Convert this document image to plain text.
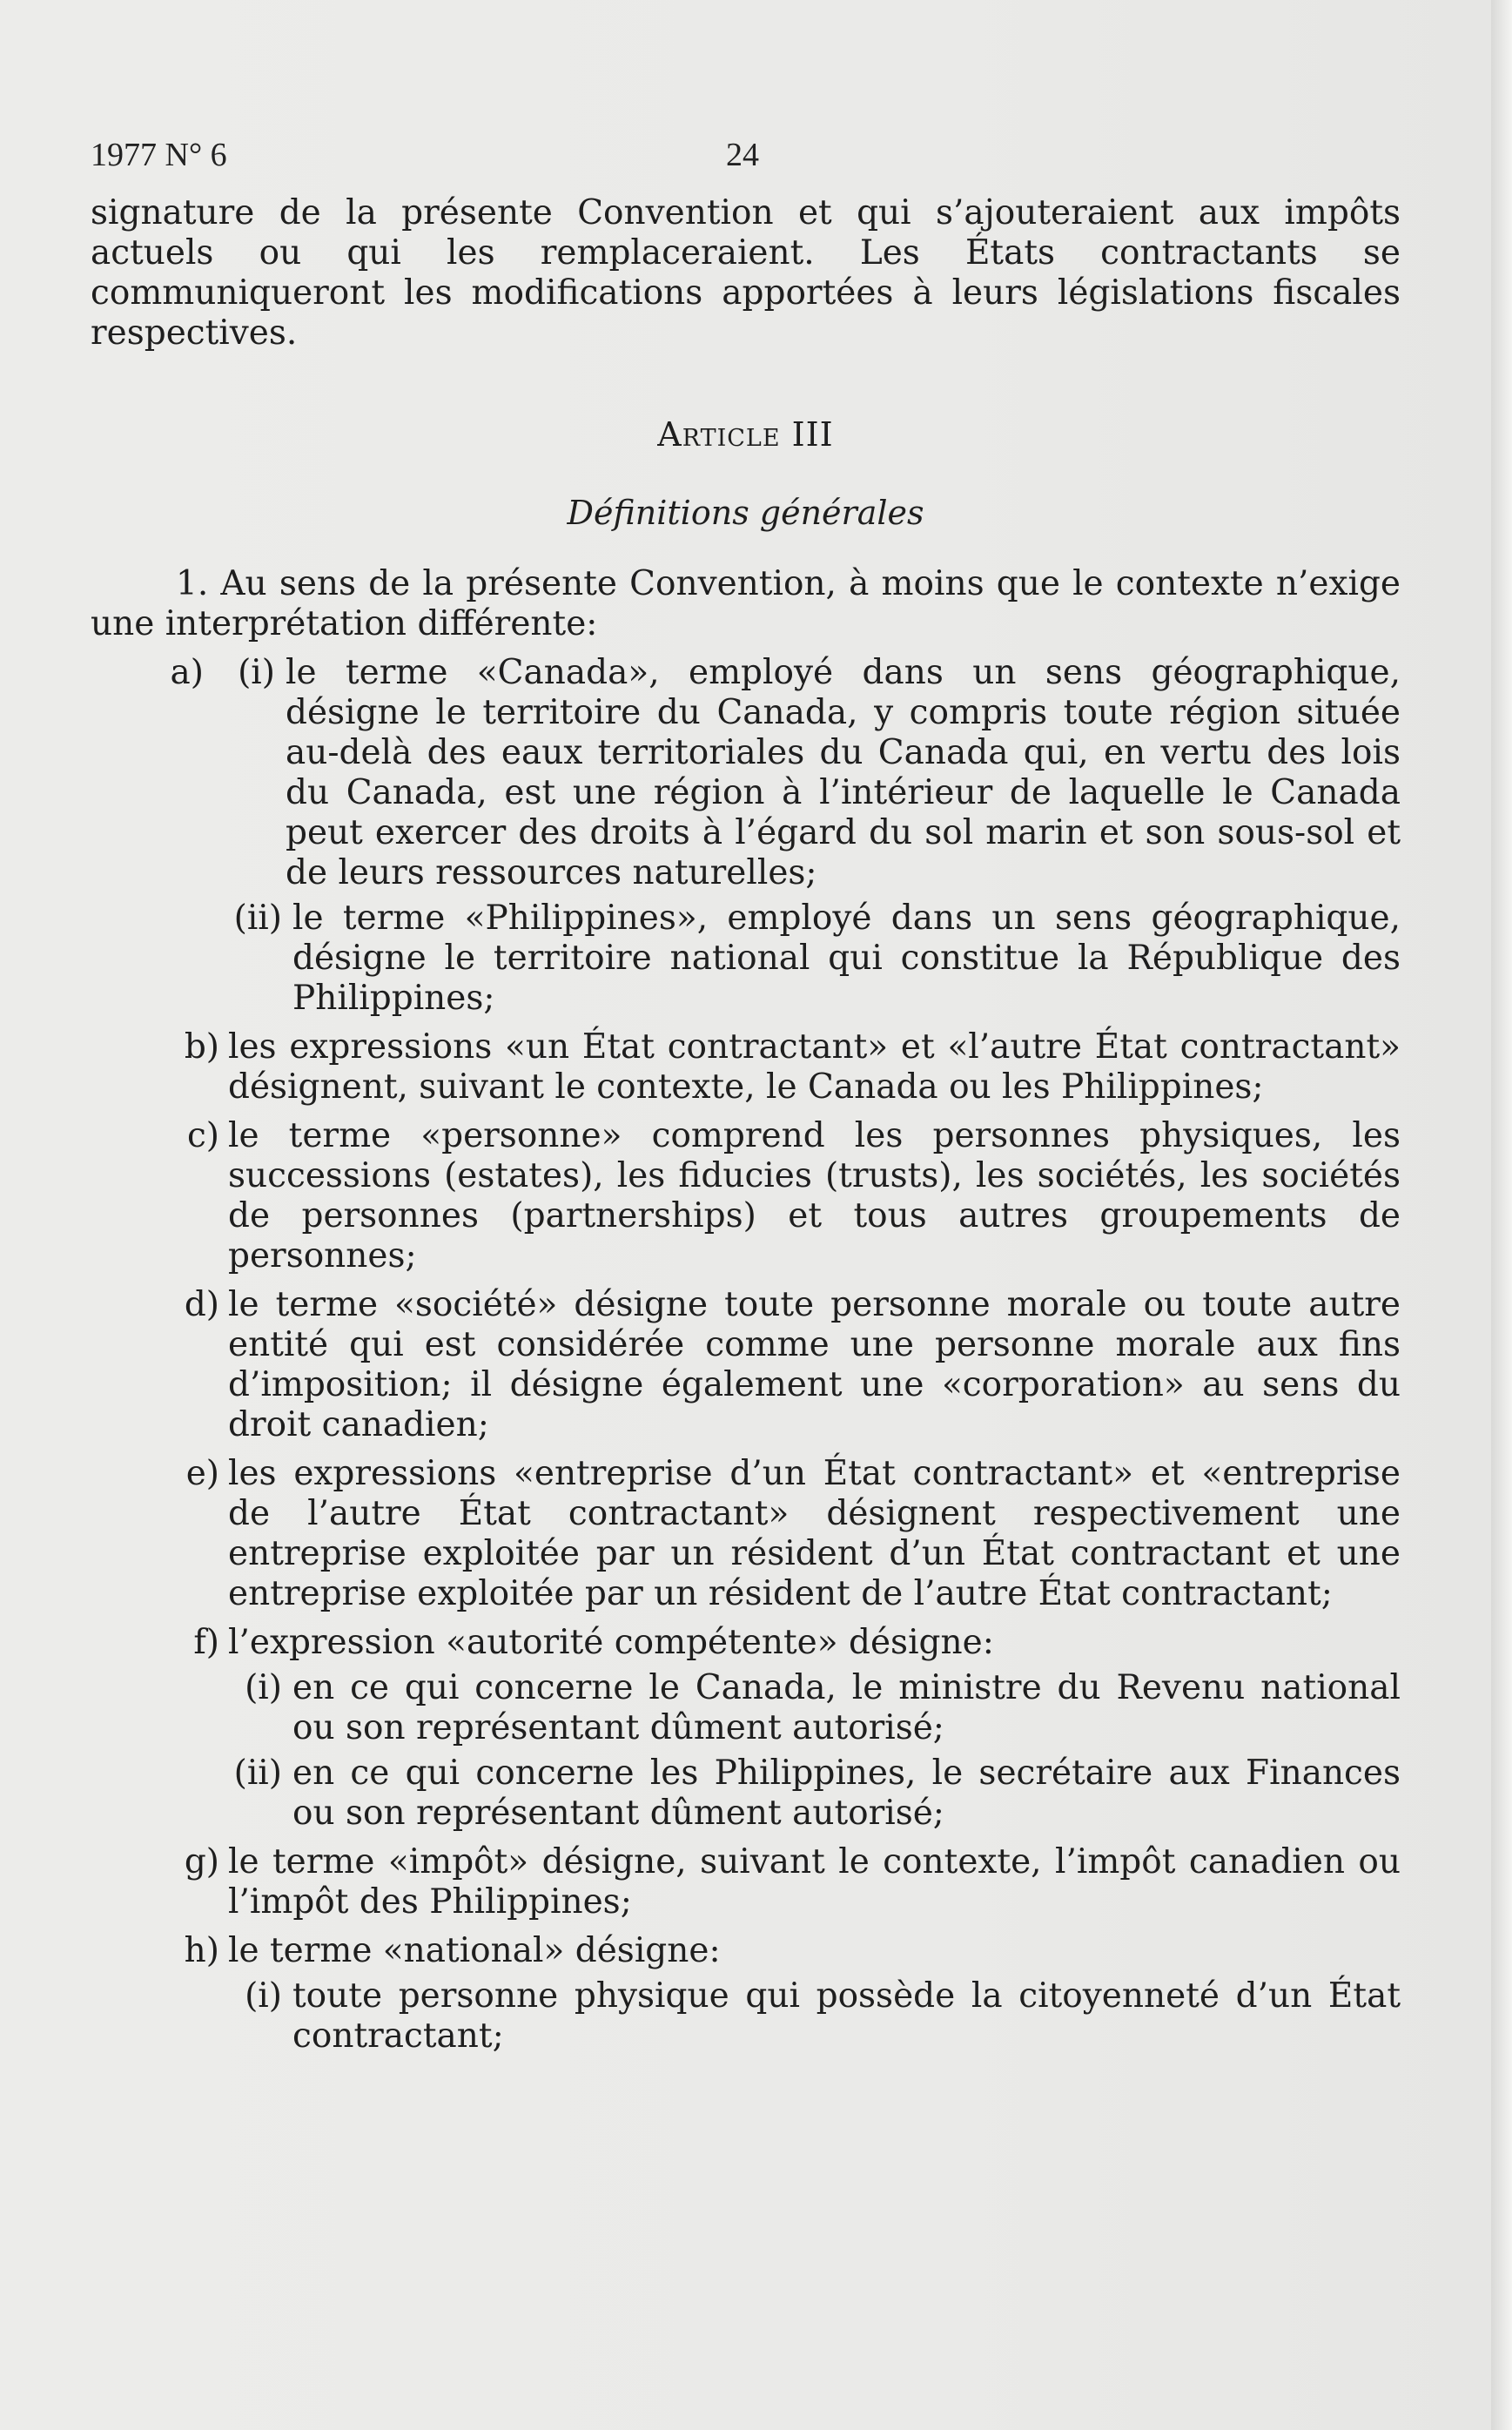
1977 N° 6	24

signature de la présente Convention et qui s’ajouteraient aux impôts actuels ou qui les remplaceraient. Les États contractants se communiqueront les modifications apportées à leurs législations fiscales respectives.

Article III

Définitions générales

1. Au sens de la présente Convention, à moins que le contexte n’exige une interprétation différente:

a)	(i) le terme «Canada», employé dans un sens géographique, désigne le territoire du Canada, y compris toute région située au-delà des eaux territoriales du Canada qui, en vertu des lois du Canada, est une région à l’intérieur de laquelle le Canada peut exercer des droits à l’égard du sol marin et son sous-sol et de leurs ressources naturelles;
(ii) le terme «Philippines», employé dans un sens géographique, désigne le territoire national qui constitue la République des Philippines;
b) les expressions «un État contractant» et «l’autre État contractant» désignent, suivant le contexte, le Canada ou les Philippines;
c) le terme «personne» comprend les personnes physiques, les successions (estates), les fiducies (trusts), les sociétés, les sociétés de personnes (partnerships) et tous autres groupements de personnes;
d) le terme «société» désigne toute personne morale ou toute autre entité qui est considérée comme une personne morale aux fins d’imposition; il désigne également une «corporation» au sens du droit canadien;
e) les expressions «entreprise d’un État contractant» et «entreprise de l’autre État contractant» désignent respectivement une entreprise exploitée par un résident d’un État contractant et une entreprise exploitée par un résident de l’autre État contractant;
f) l’expression «autorité compétente» désigne:
(i) en ce qui concerne le Canada, le ministre du Revenu national ou son représentant dûment autorisé;
(ii) en ce qui concerne les Philippines, le secrétaire aux Finances ou son représentant dûment autorisé;
g) le terme «impôt» désigne, suivant le contexte, l’impôt canadien ou l’impôt des Philippines;
h) le terme «national» désigne:
(i) toute personne physique qui possède la citoyenneté d’un État contractant;
